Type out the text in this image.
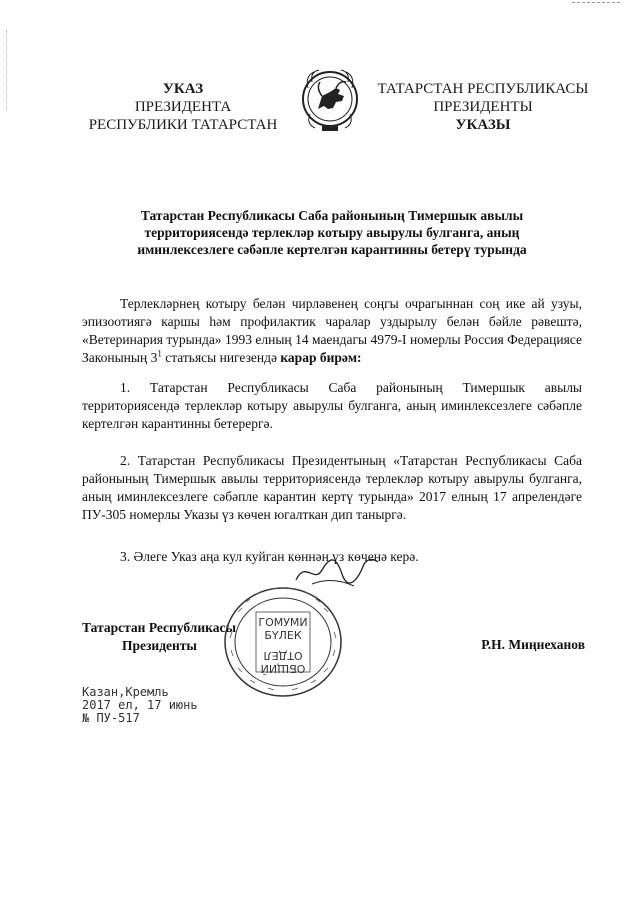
УКАЗ
ПРЕЗИДЕНТА
РЕСПУБЛИКИ ТАТАРСТАН
ТАТАРСТАН РЕСПУБЛИКАСЫ
ПРЕЗИДЕНТЫ
УКАЗЫ
Татарстан Республикасы Саба районының Тимершык авылы
территориясендә терлекләр котыру авырулы булганга, аның
иминлексезлеге сәбәпле кертелгән карантинны бетерү турында
Терлекләрнең котыру белән чирләвенең соңгы очрагыннан соң ике ай узуы, эпизоотиягә каршы һәм профилактик чаралар уздырылу белән бәйле рәвештә, «Ветеринария турында» 1993 елның 14 маендагы 4979-I номерлы Россия Федерациясе Законының $3^1$ статьясы нигезендә карар бирәм:
1. Татарстан Республикасы Саба районының Тимершык авылы территориясендә терлекләр котыру авырулы булганга, аның иминлексезлеге сәбәпле кертелгән карантинны бетерергә.
2. Татарстан Республикасы Президентының «Татарстан Республикасы Саба районының Тимершык авылы территориясендә терлекләр котыру авырулы булганга, аның иминлексезлеге сәбәпле карантин кертү турында» 2017 елның 17 апрелендәге ПУ-305 номерлы Указы үз көчен югалткан дип таныргә.
3. Әлеге Указ аңа кул куйган көннән үз көченә керә.
Татарстан Республикасы
Президенты
ГОМУМИ
БҮЛЕК
ОТДЕЛ
ОБЩИЙ
Р.Н. Миңнеханов
Казан,Кремль
2017 ел, 17 июнь
№ ПУ-517
